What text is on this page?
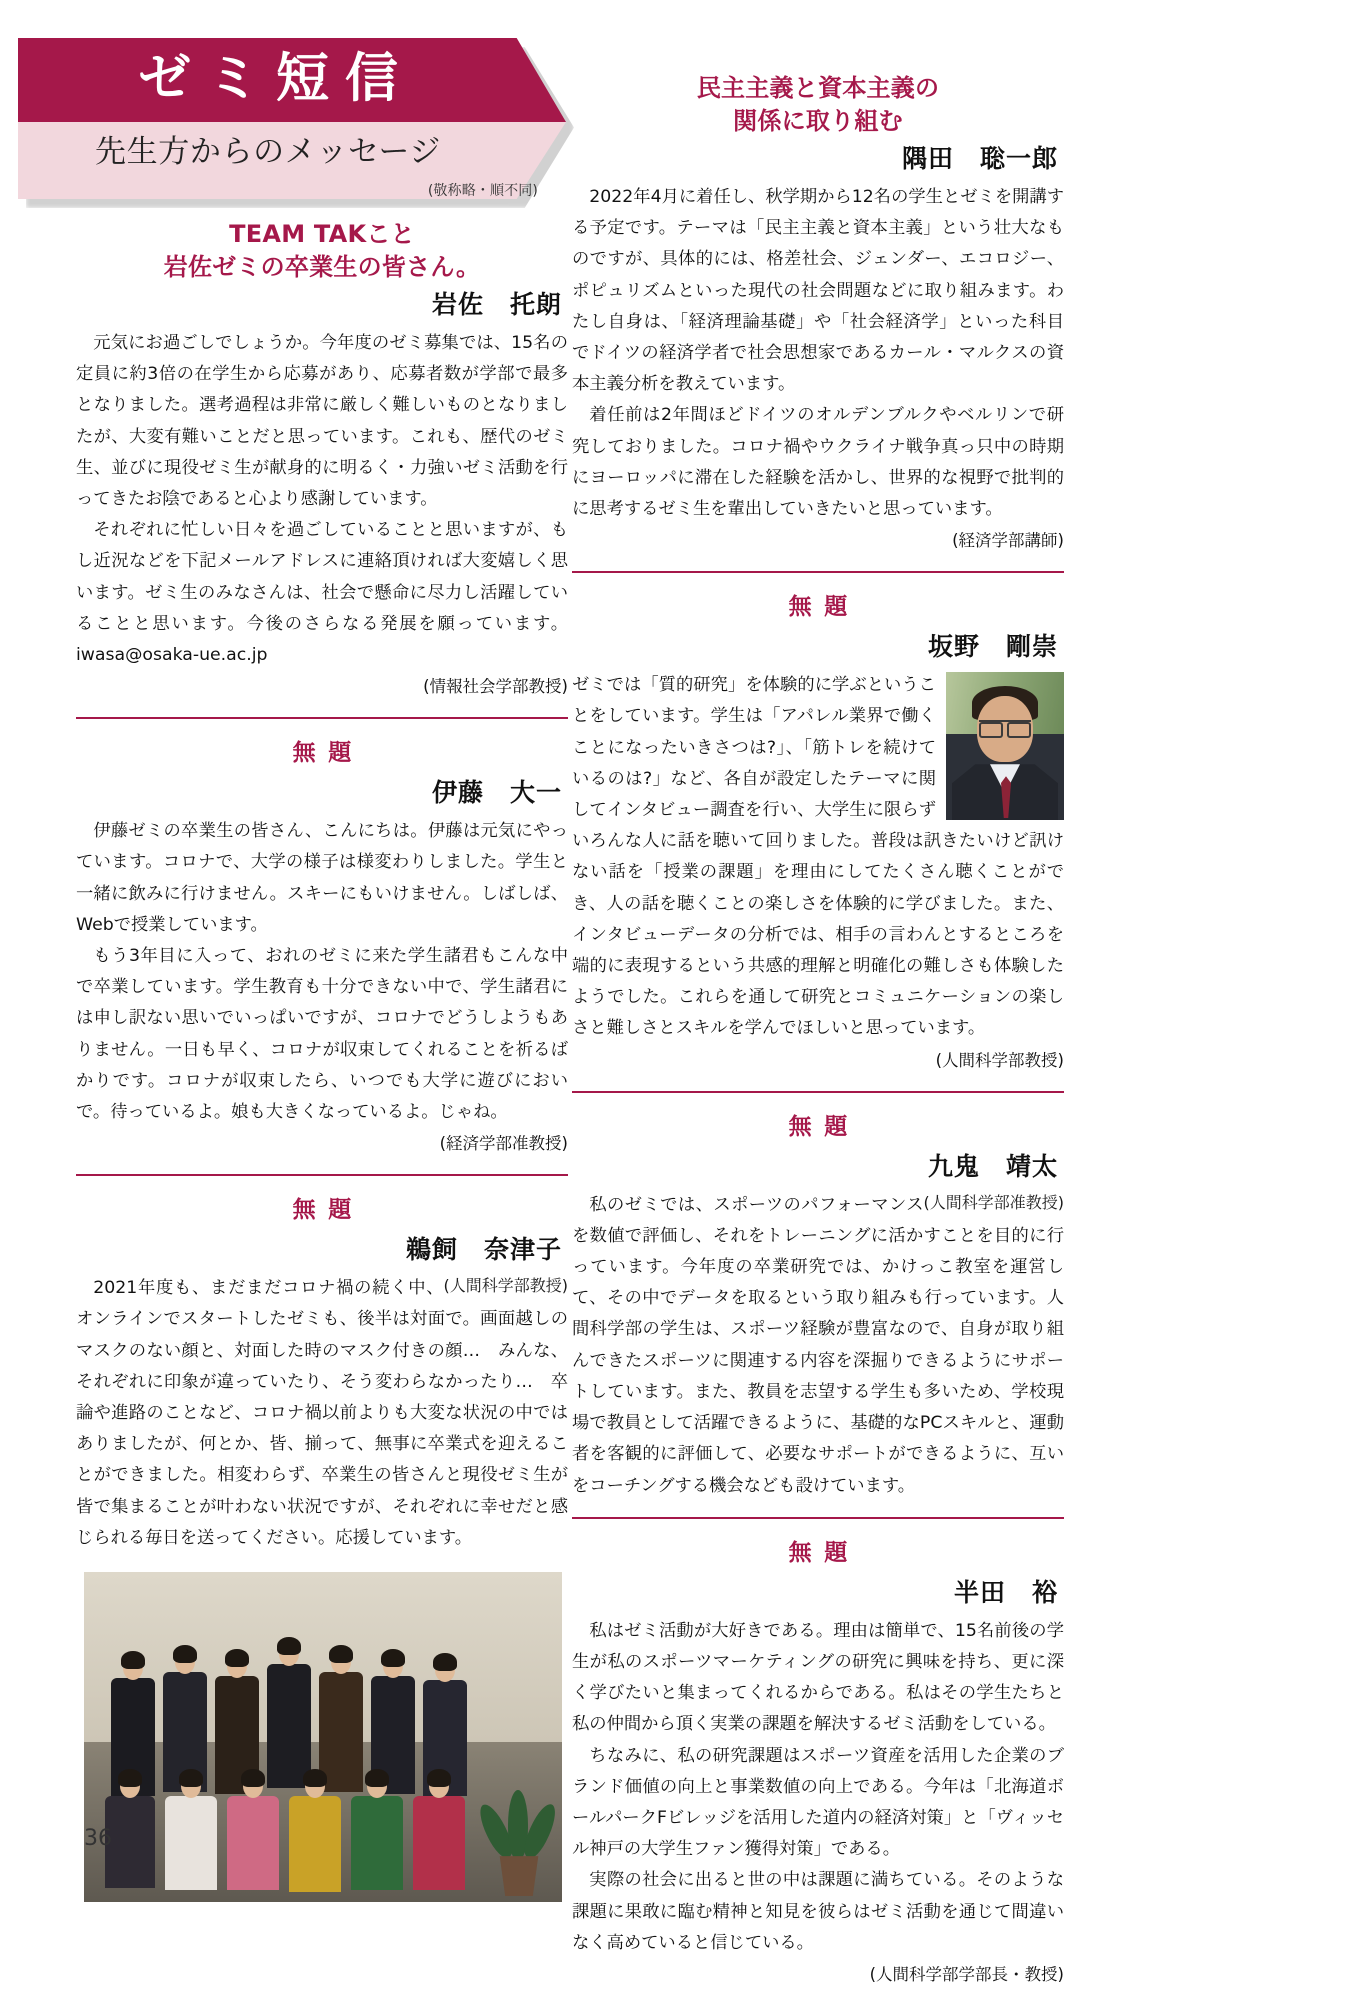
ゼミ短信
先生方からのメッセージ
(敬称略・順不同)
TEAM TAKこと
岩佐ゼミの卒業生の皆さん。
岩佐 托朗

元気にお過ごしでしょうか。今年度のゼミ募集では、15名の定員に約3倍の在学生から応募があり、応募者数が学部で最多となりました。選考過程は非常に厳しく難しいものとなりましたが、大変有難いことだと思っています。これも、歴代のゼミ生、並びに現役ゼミ生が献身的に明るく・力強いゼミ活動を行ってきたお陰であると心より感謝しています。

それぞれに忙しい日々を過ごしていることと思いますが、もし近況などを下記メールアドレスに連絡頂ければ大変嬉しく思います。ゼミ生のみなさんは、社会で懸命に尽力し活躍していることと思います。今後のさらなる発展を願っています。iwasa@osaka-ue.ac.jp

(情報社会学部教授)
無題
伊藤 大一

伊藤ゼミの卒業生の皆さん、こんにちは。伊藤は元気にやっています。コロナで、大学の様子は様変わりしました。学生と一緒に飲みに行けません。スキーにもいけません。しばしば、Webで授業しています。

もう3年目に入って、おれのゼミに来た学生諸君もこんな中で卒業しています。学生教育も十分できない中で、学生諸君には申し訳ない思いでいっぱいですが、コロナでどうしようもありません。一日も早く、コロナが収束してくれることを祈るばかりです。コロナが収束したら、いつでも大学に遊びにおいで。待っているよ。娘も大きくなっているよ。じゃね。

(経済学部准教授)
無題
鵜飼 奈津子
(人間科学部教授)

2021年度も、まだまだコロナ禍の続く中、オンラインでスタートしたゼミも、後半は対面で。画面越しのマスクのない顔と、対面した時のマスク付きの顔…　みんな、それぞれに印象が違っていたり、そう変わらなかったり…　卒論や進路のことなど、コロナ禍以前よりも大変な状況の中ではありましたが、何とか、皆、揃って、無事に卒業式を迎えることができました。相変わらず、卒業生の皆さんと現役ゼミ生が皆で集まることが叶わない状況ですが、それぞれに幸せだと感じられる毎日を送ってください。応援しています。

民主主義と資本主義の
関係に取り組む
隅田 聡一郎

2022年4月に着任し、秋学期から12名の学生とゼミを開講する予定です。テーマは「民主主義と資本主義」という壮大なものですが、具体的には、格差社会、ジェンダー、エコロジー、ポピュリズムといった現代の社会問題などに取り組みます。わたし自身は、「経済理論基礎」や「社会経済学」といった科目でドイツの経済学者で社会思想家であるカール・マルクスの資本主義分析を教えています。

着任前は2年間ほどドイツのオルデンブルクやベルリンで研究しておりました。コロナ禍やウクライナ戦争真っ只中の時期にヨーロッパに滞在した経験を活かし、世界的な視野で批判的に思考するゼミ生を輩出していきたいと思っています。

(経済学部講師)
無題
坂野 剛崇

ゼミでは「質的研究」を体験的に学ぶということをしています。学生は「アパレル業界で働くことになったいきさつは?」、「筋トレを続けているのは?」など、各自が設定したテーマに関してインタビュー調査を行い、大学生に限らずいろんな人に話を聴いて回りました。普段は訊きたいけど訊けない話を「授業の課題」を理由にしてたくさん聴くことができ、人の話を聴くことの楽しさを体験的に学びました。また、インタビューデータの分析では、相手の言わんとするところを端的に表現するという共感的理解と明確化の難しさも体験したようでした。これらを通して研究とコミュニケーションの楽しさと難しさとスキルを学んでほしいと思っています。

(人間科学部教授)
無題
九鬼 靖太
(人間科学部准教授)

私のゼミでは、スポーツのパフォーマンスを数値で評価し、それをトレーニングに活かすことを目的に行っています。今年度の卒業研究では、かけっこ教室を運営して、その中でデータを取るという取り組みも行っています。人間科学部の学生は、スポーツ経験が豊富なので、自身が取り組んできたスポーツに関連する内容を深掘りできるようにサポートしています。また、教員を志望する学生も多いため、学校現場で教員として活躍できるように、基礎的なPCスキルと、運動者を客観的に評価して、必要なサポートができるように、互いをコーチングする機会なども設けています。

無題
半田 裕

私はゼミ活動が大好きである。理由は簡単で、15名前後の学生が私のスポーツマーケティングの研究に興味を持ち、更に深く学びたいと集まってくれるからである。私はその学生たちと私の仲間から頂く実業の課題を解決するゼミ活動をしている。

ちなみに、私の研究課題はスポーツ資産を活用した企業のブランド価値の向上と事業数値の向上である。今年は「北海道ボールパークFビレッジを活用した道内の経済対策」と「ヴィッセル神戸の大学生ファン獲得対策」である。

実際の社会に出ると世の中は課題に満ちている。そのような課題に果敢に臨む精神と知見を彼らはゼミ活動を通じて間違いなく高めていると信じている。

(人間科学部学部長・教授)
36
